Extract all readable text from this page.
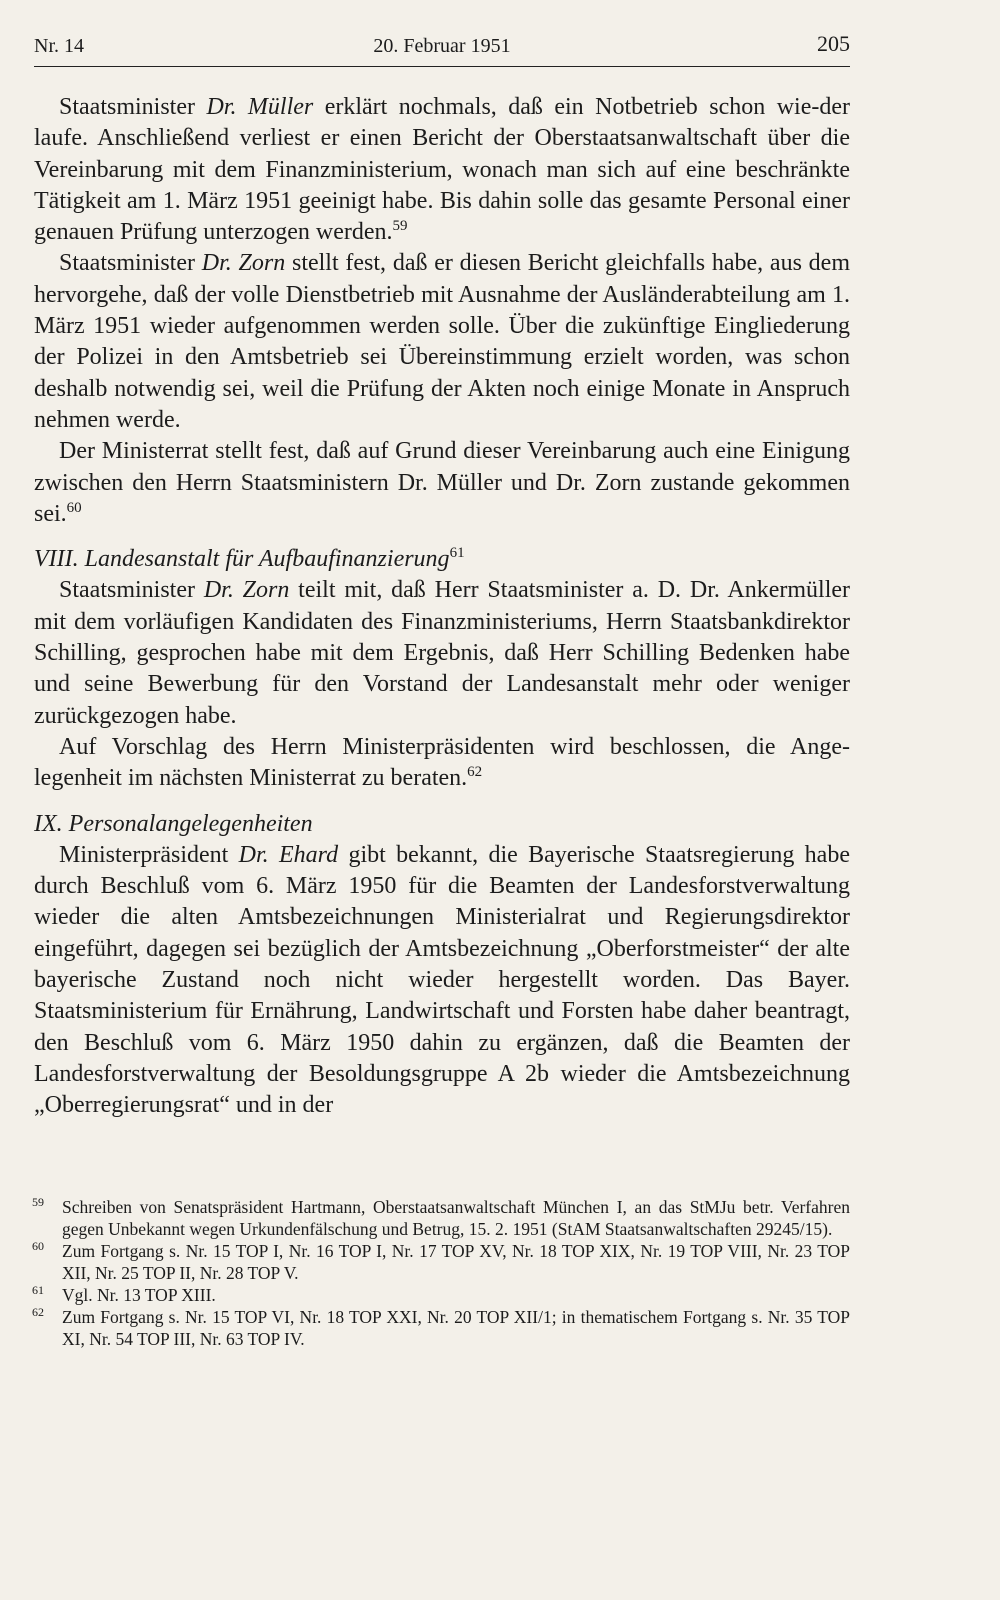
Nr. 14	20. Februar 1951	205

Staatsminister Dr. Müller erklärt nochmals, daß ein Notbetrieb schon wie-der laufe. Anschließend verliest er einen Bericht der Oberstaatsanwaltschaft über die Vereinbarung mit dem Finanzministerium, wonach man sich auf eine beschränkte Tätigkeit am 1. März 1951 geeinigt habe. Bis dahin solle das gesamte Personal einer genauen Prüfung unterzogen werden.$^{59}$

Staatsminister Dr. Zorn stellt fest, daß er diesen Bericht gleichfalls habe, aus dem hervorgehe, daß der volle Dienstbetrieb mit Ausnahme der Ausländerabteilung am 1. März 1951 wieder aufgenommen werden solle. Über die zukünftige Eingliederung der Polizei in den Amtsbetrieb sei Übereinstimmung erzielt worden, was schon deshalb notwendig sei, weil die Prüfung der Akten noch einige Monate in Anspruch nehmen werde.

Der Ministerrat stellt fest, daß auf Grund dieser Vereinbarung auch eine Einigung zwischen den Herrn Staatsministern Dr. Müller und Dr. Zorn zustande gekommen sei.$^{60}$

VIII. Landesanstalt für Aufbaufinanzierung$^{61}$

Staatsminister Dr. Zorn teilt mit, daß Herr Staatsminister a. D. Dr. Ankermüller mit dem vorläufigen Kandidaten des Finanzministeriums, Herrn Staatsbankdirektor Schilling, gesprochen habe mit dem Ergebnis, daß Herr Schilling Bedenken habe und seine Bewerbung für den Vorstand der Landesanstalt mehr oder weniger zurückgezogen habe.

Auf Vorschlag des Herrn Ministerpräsidenten wird beschlossen, die Angelegenheit im nächsten Ministerrat zu beraten.$^{62}$

IX. Personalangelegenheiten

Ministerpräsident Dr. Ehard gibt bekannt, die Bayerische Staatsregierung habe durch Beschluß vom 6. März 1950 für die Beamten der Landesforstverwaltung wieder die alten Amtsbezeichnungen Ministerialrat und Regierungsdirektor eingeführt, dagegen sei bezüglich der Amtsbezeichnung „Oberforstmeister“ der alte bayerische Zustand noch nicht wieder hergestellt worden. Das Bayer. Staatsministerium für Ernährung, Landwirtschaft und Forsten habe daher beantragt, den Beschluß vom 6. März 1950 dahin zu ergänzen, daß die Beamten der Landesforstverwaltung der Besoldungsgruppe A 2b wieder die Amtsbezeichnung „Oberregierungsrat“ und in der

59 Schreiben von Senatspräsident Hartmann, Oberstaatsanwaltschaft München I, an das StMJu betr. Verfahren gegen Unbekannt wegen Urkundenfälschung und Betrug, 15. 2. 1951 (StAM Staatsanwaltschaften 29245/15).

60 Zum Fortgang s. Nr. 15 TOP I, Nr. 16 TOP I, Nr. 17 TOP XV, Nr. 18 TOP XIX, Nr. 19 TOP VIII, Nr. 23 TOP XII, Nr. 25 TOP II, Nr. 28 TOP V.

61 Vgl. Nr. 13 TOP XIII.

62 Zum Fortgang s. Nr. 15 TOP VI, Nr. 18 TOP XXI, Nr. 20 TOP XII/1; in thematischem Fortgang s. Nr. 35 TOP XI, Nr. 54 TOP III, Nr. 63 TOP IV.
